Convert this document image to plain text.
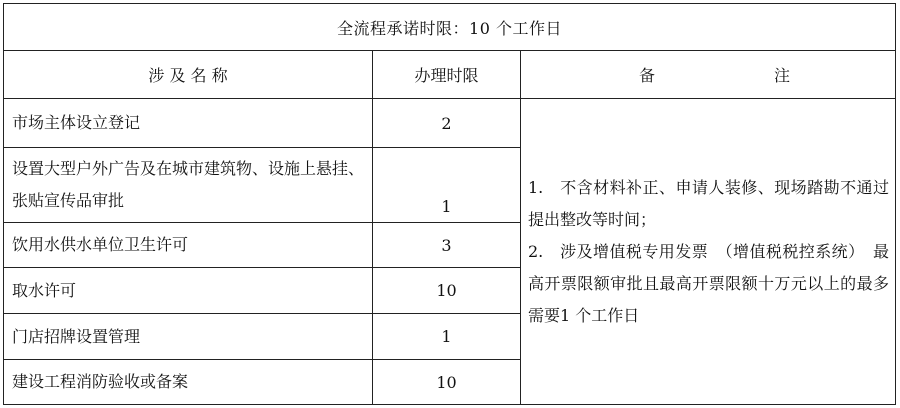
全流程承诺时限：10 个工作日		
涉 及 名 称	办理时限	备 注

市场主体设立登记	2	1.　不含材料补正、申请人装修、现场踏勘不通过提出整改等时间；

2.　涉及增值税专用发票　（增值税税控系统）　最高开票限额审批且最高开票限额十万元以上的最多需要1 个工作日

设置大型户外广告及在城市建筑物、设施上悬挂、张贴宣传品审批	1	
饮用水供水单位卫生许可	3	
取水许可	10	
门店招牌设置管理	1	
建设工程消防验收或备案	10	
